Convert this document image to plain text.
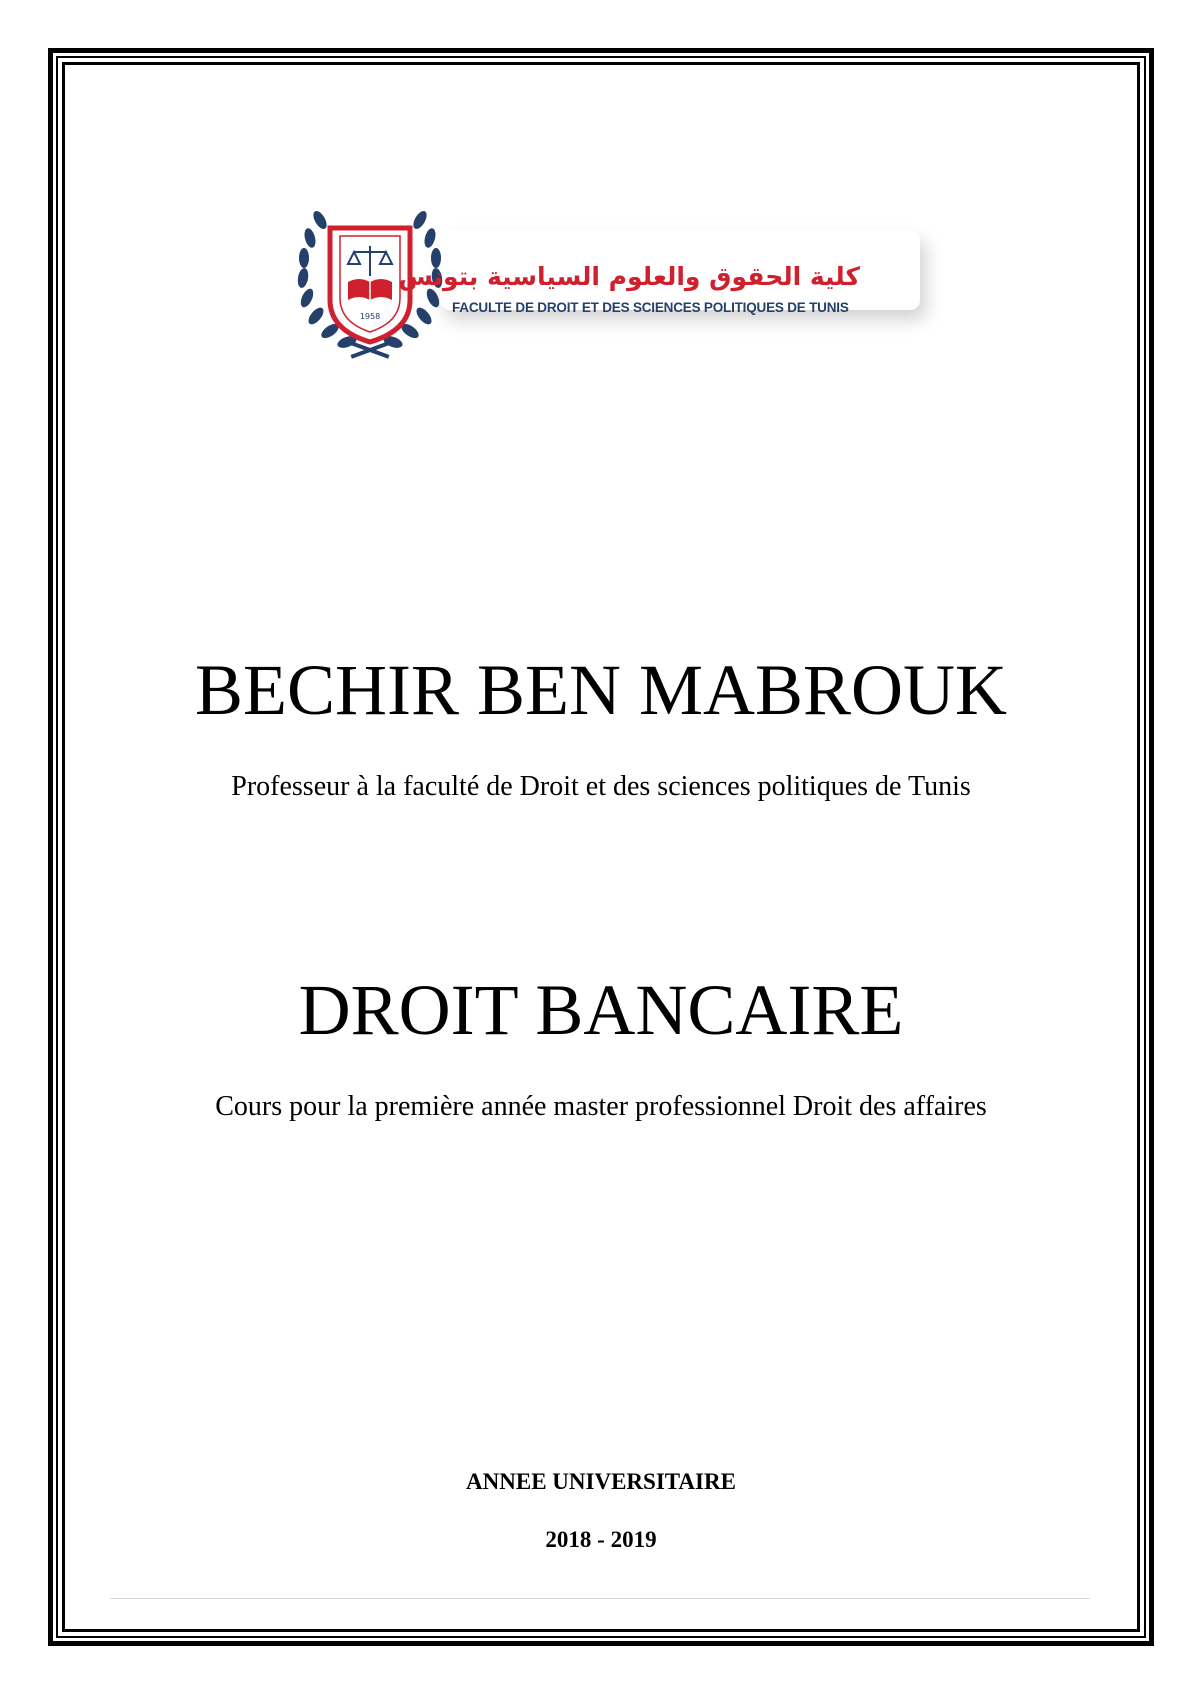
كلية الحقوق والعلوم السياسية بتونس
FACULTE DE DROIT ET DES SCIENCES POLITIQUES DE TUNIS
1958
BECHIR BEN MABROUK
Professeur à la faculté de Droit et des sciences politiques de Tunis
DROIT BANCAIRE
Cours pour la première année master professionnel Droit des affaires
ANNEE UNIVERSITAIRE
2018 - 2019
